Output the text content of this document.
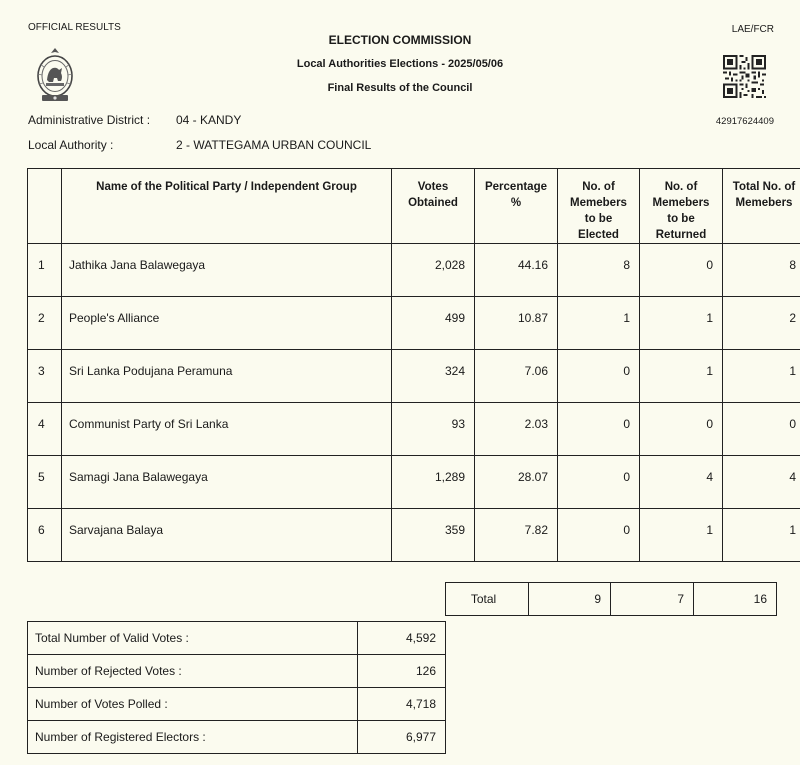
OFFICIAL RESULTS	LAE/FCR
ELECTION COMMISSION
Local Authorities Elections - 2025/05/06
Final Results of the Council
42917624409
Administrative District : 04 - KANDY
Local Authority :	2 - WATTEGAMA URBAN COUNCIL
	Name of the Political Party / Independent Group	Votes Obtained	Percentage %	No. of Memebers to be Elected	No. of Memebers to be Returned	Total No. of Memebers
1	Jathika Jana Balawegaya	2,028	44.16	8	0	8
2	People's Alliance	499	10.87	1	1	2
3	Sri Lanka Podujana Peramuna	324	7.06	0	1	1
4	Communist Party of Sri Lanka	93	2.03	0	0	0
5	Samagi Jana Balawegaya	1,289	28.07	0	4	4
6	Sarvajana Balaya	359	7.82	0	1	1
Total	9	7	16
Total Number of Valid Votes :	4,592
Number of Rejected Votes :	126
Number of Votes Polled :	4,718
Number of Registered Electors :	6,977
